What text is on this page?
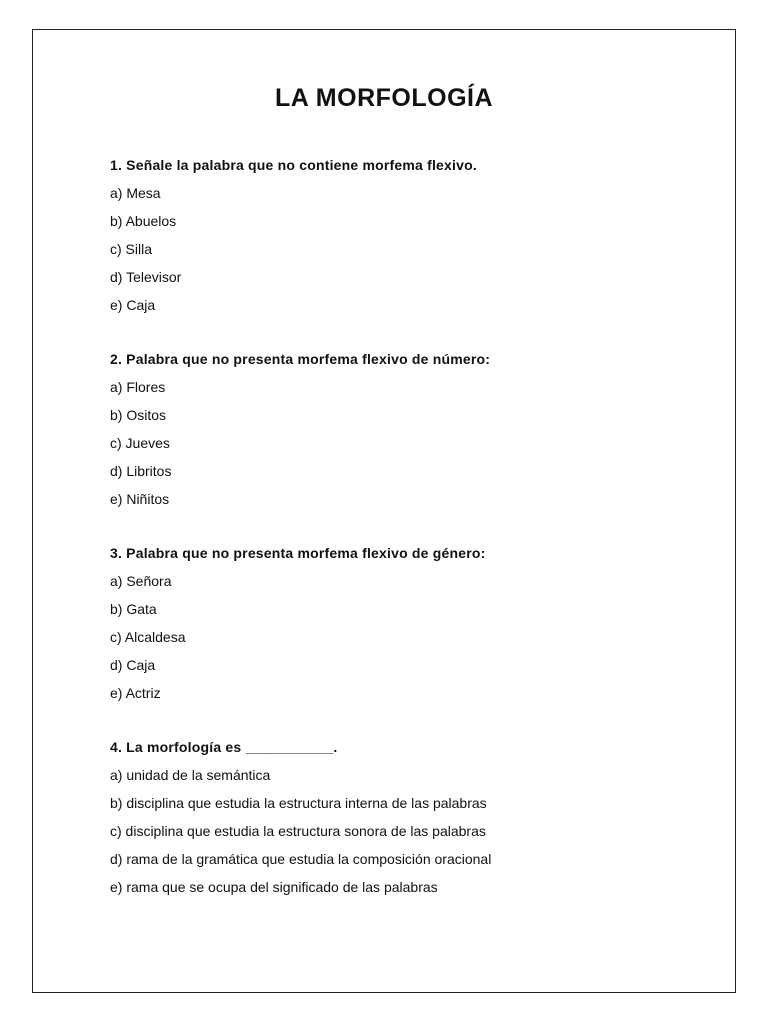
LA MORFOLOGÍA
1. Señale la palabra que no contiene morfema flexivo.
a) Mesa
b) Abuelos
c) Silla
d) Televisor
e) Caja
2. Palabra que no presenta morfema flexivo de número:
a) Flores
b) Ositos
c) Jueves
d) Libritos
e) Niñitos
3. Palabra que no presenta morfema flexivo de género:
a) Señora
b) Gata
c) Alcaldesa
d) Caja
e) Actriz
4. La morfología es ___________.
a) unidad de la semántica
b) disciplina que estudia la estructura interna de las palabras
c) disciplina que estudia la estructura sonora de las palabras
d) rama de la gramática que estudia la composición oracional
e) rama que se ocupa del significado de las palabras
